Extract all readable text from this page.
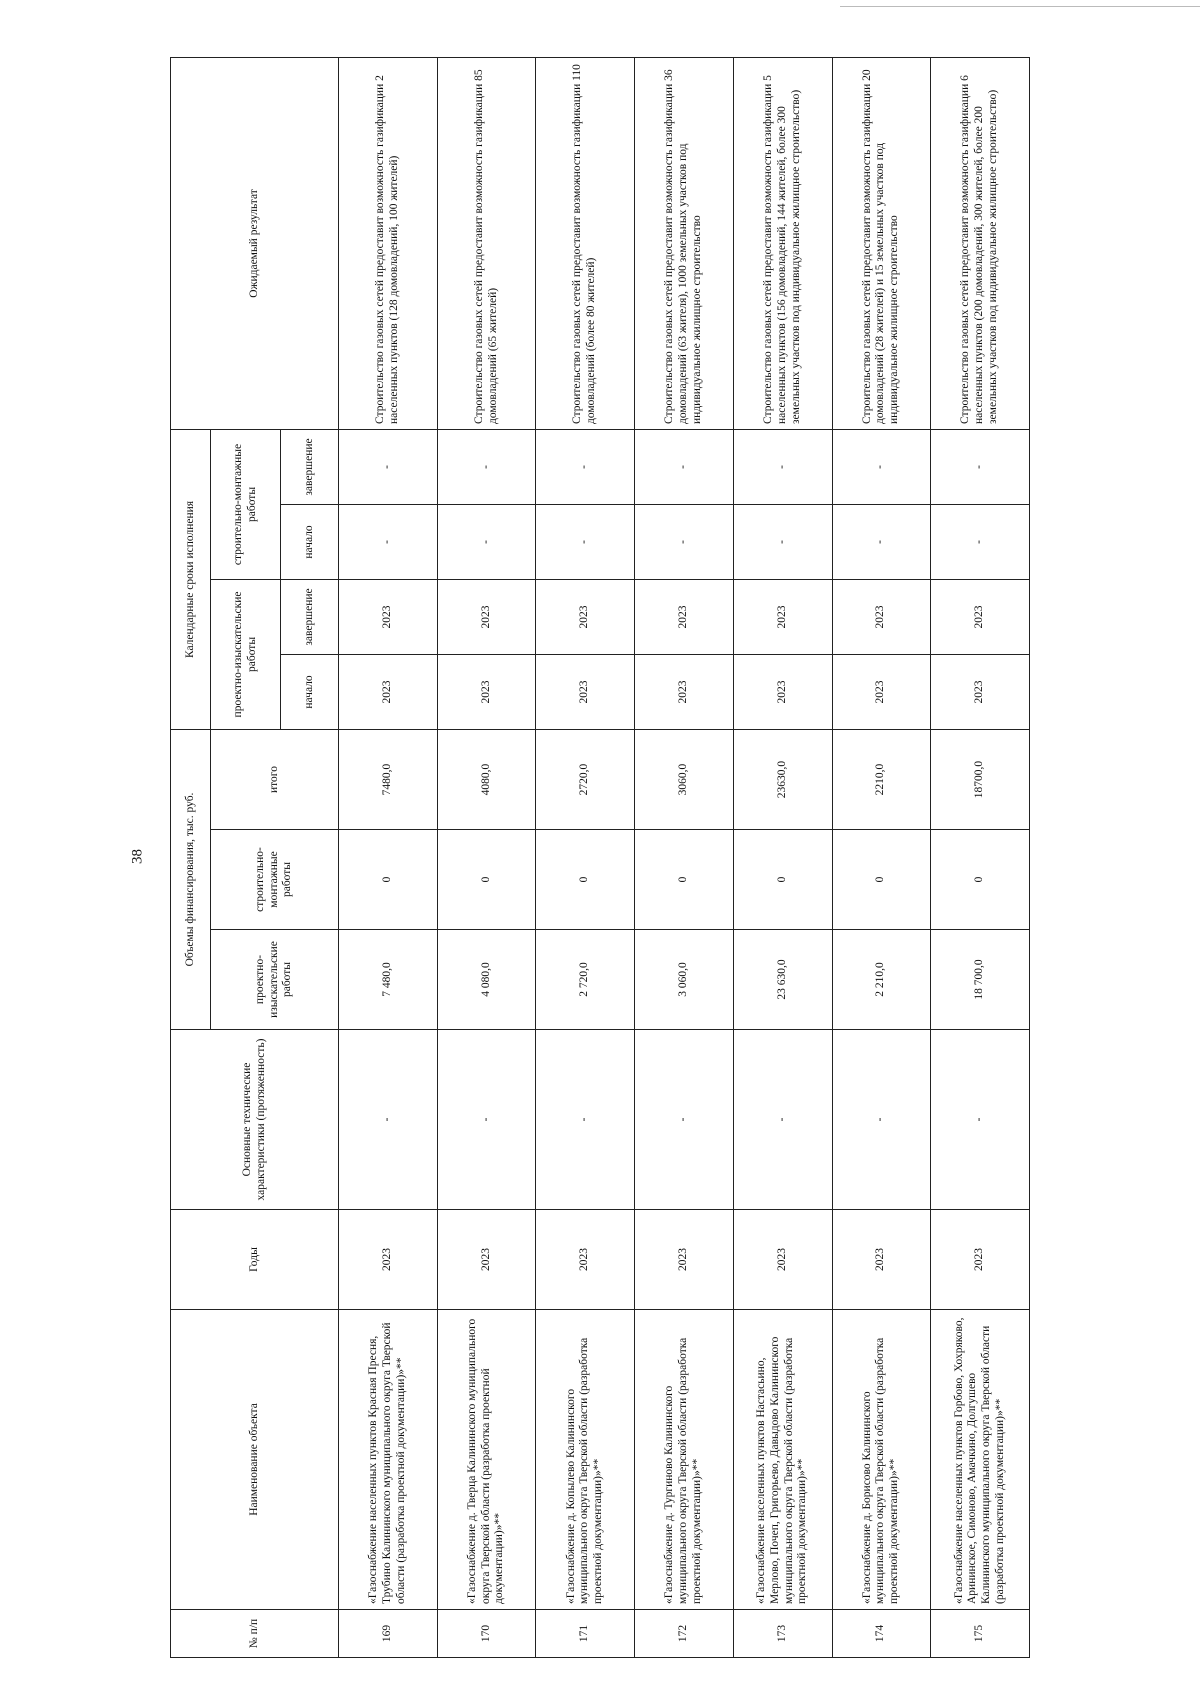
38
№ п/п	Наименование объекта	Годы	Основные технические характеристики (протяженность)	Объемы финансирования, тыс. руб.			Календарные сроки исполнения				Ожидаемый результат
				проектно-изыскательские работы	строительно-монтажные работы	итого	проектно-изыскательские работы		строительно-монтажные работы		
							начало	завершение	начало	завершение	
169	«Газоснабжение населенных пунктов Красная Пресня, Трубино Калининского муниципального округа Тверской области (разработка проектной документации)»**	2023	-	7 480,0	0	7480,0	2023	2023	-	-	Строительство газовых сетей предоставит возможность газификации 2 населенных пунктов (128 домовладений, 100 жителей)
170	«Газоснабжение д. Тверца Калининского муниципального округа Тверской области (разработка проектной документации)»**	2023	-	4 080,0	0	4080,0	2023	2023	-	-	Строительство газовых сетей предоставит возможность газификации 85 домовладений (65 жителей)
171	«Газоснабжение д. Копылево Калининского муниципального округа Тверской области (разработка проектной документации)»**	2023	-	2 720,0	0	2720,0	2023	2023	-	-	Строительство газовых сетей предоставит возможность газификации 110 домовладений (более 80 жителей)
172	«Газоснабжение д. Тургиново Калининского муниципального округа Тверской области (разработка проектной документации)»**	2023	-	3 060,0	0	3060,0	2023	2023	-	-	Строительство газовых сетей предоставит возможность газификации 36 домовладений (63 жителя), 1000 земельных участков под индивидуальное жилищное строительство
173	«Газоснабжение населенных пунктов Настасьино, Мерлово, Почеп, Григорьево, Давыдово Калининского муниципального округа Тверской области (разработка проектной документации)»**	2023	-	23 630,0	0	23630,0	2023	2023	-	-	Строительство газовых сетей предоставит возможность газификации 5 населенных пунктов (156 домовладений, 144 жителей, более 300 земельных участков под индивидуальное жилищное строительство)
174	«Газоснабжение д. Борисово Калининского муниципального округа Тверской области (разработка проектной документации)»**	2023	-	2 210,0	0	2210,0	2023	2023	-	-	Строительство газовых сетей предоставит возможность газификации 20 домовладений (28 жителей) и 15 земельных участков под индивидуальное жилищное строительство
175	«Газоснабжение населенных пунктов Горбово, Хохряково, Арининское, Симоново, Амачкино, Долгушево Калининского муниципального округа Тверской области (разработка проектной документации)»**	2023	-	18 700,0	0	18700,0	2023	2023	-	-	Строительство газовых сетей предоставит возможность газификации 6 населенных пунктов (200 домовладений, 300 жителей, более 200 земельных участков под индивидуальное жилищное строительство)
